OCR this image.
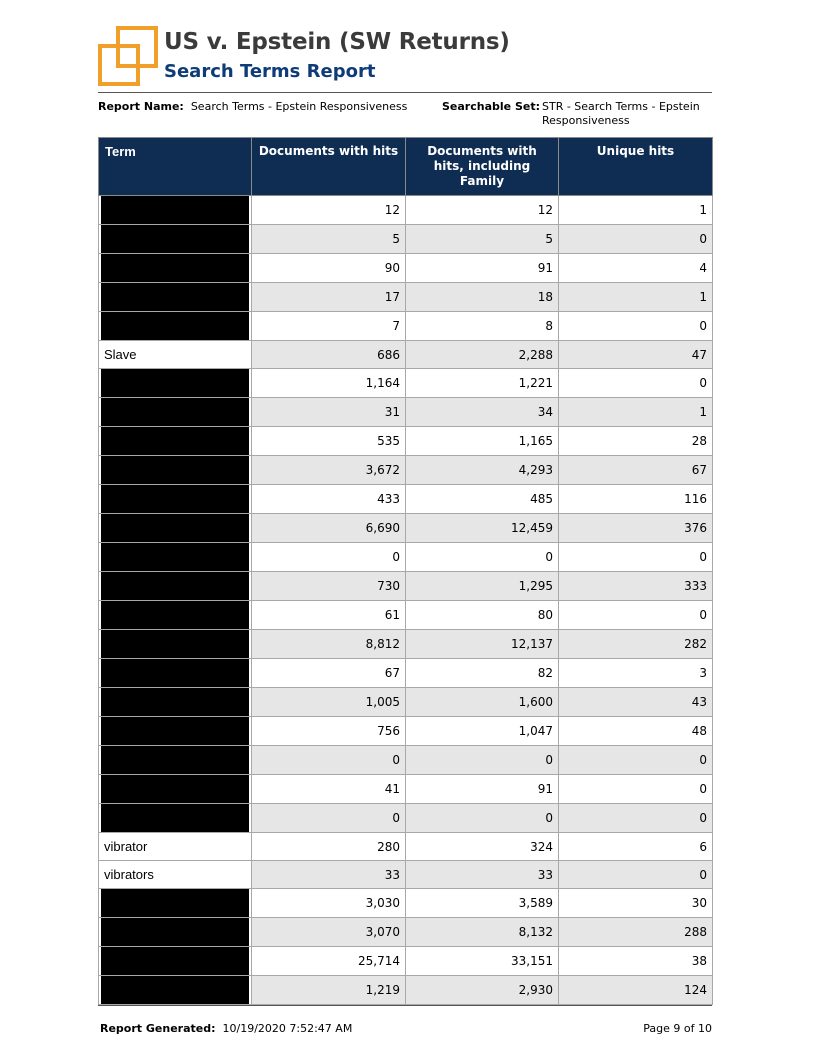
US v. Epstein (SW Returns)
Search Terms Report
Report Name: Search Terms - Epstein Responsiveness	Searchable Set: STR - Search Terms - Epstein Responsiveness
Term	Documents with hits	Documents with hits, including Family	Unique hits

	12	12	1

	5	5	0

	90	91	4

	17	18	1

	7	8	0
Slave	686	2,288	47

	1,164	1,221	0

	31	34	1

	535	1,165	28

	3,672	4,293	67

	433	485	116

	6,690	12,459	376

	0	0	0

	730	1,295	333

	61	80	0

	8,812	12,137	282

	67	82	3

	1,005	1,600	43

	756	1,047	48

	0	0	0

	41	91	0

	0	0	0
vibrator	280	324	6
vibrators	33	33	0

	3,030	3,589	30

	3,070	8,132	288

	25,714	33,151	38

	1,219	2,930	124
Report Generated: 10/19/2020 7:52:47 AM	Page 9 of 10
